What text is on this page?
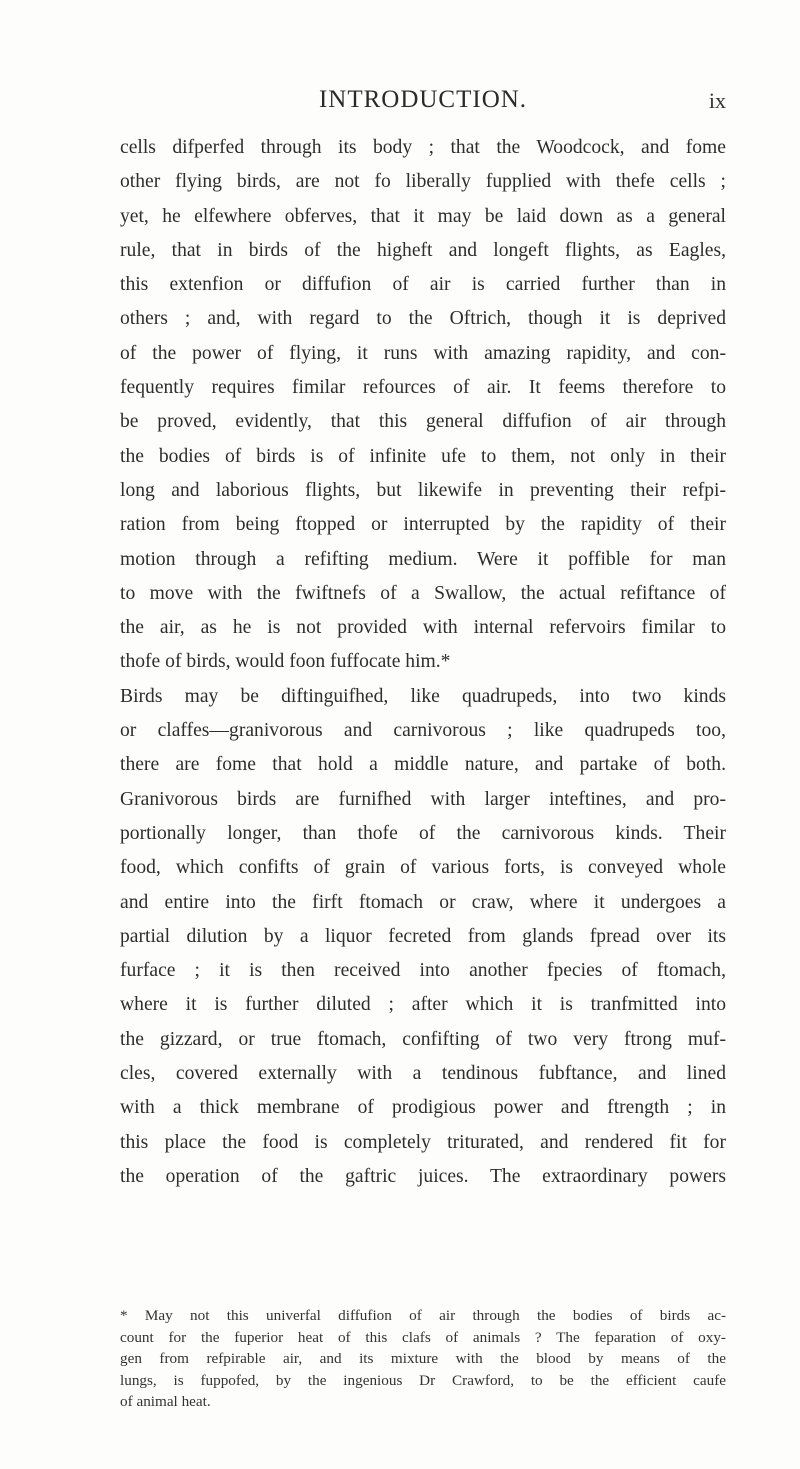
INTRODUCTION.	ix
cells difperfed through its body ; that the Woodcock, and fome
other flying birds, are not fo liberally fupplied with thefe cells ;
yet, he elfewhere obferves, that it may be laid down as a general
rule, that in birds of the higheft and longeft flights, as Eagles,
this extenfion or diffufion of air is carried further than in
others ; and, with regard to the Oftrich, though it is deprived
of the power of flying, it runs with amazing rapidity, and con-
fequently requires fimilar refources of air. It feems therefore to
be proved, evidently, that this general diffufion of air through
the bodies of birds is of infinite ufe to them, not only in their
long and laborious flights, but likewife in preventing their refpi-
ration from being ftopped or interrupted by the rapidity of their
motion through a refifting medium. Were it poffible for man
to move with the fwiftnefs of a Swallow, the actual refiftance of
the air, as he is not provided with internal refervoirs fimilar to
thofe of birds, would foon fuffocate him.*
Birds may be diftinguifhed, like quadrupeds, into two kinds
or claffes—granivorous and carnivorous ; like quadrupeds too,
there are fome that hold a middle nature, and partake of both.
Granivorous birds are furnifhed with larger inteftines, and pro-
portionally longer, than thofe of the carnivorous kinds. Their
food, which confifts of grain of various forts, is conveyed whole
and entire into the firft ftomach or craw, where it undergoes a
partial dilution by a liquor fecreted from glands fpread over its
furface ; it is then received into another fpecies of ftomach,
where it is further diluted ; after which it is tranfmitted into
the gizzard, or true ftomach, confifting of two very ftrong muf-
cles, covered externally with a tendinous fubftance, and lined
with a thick membrane of prodigious power and ftrength ; in
this place the food is completely triturated, and rendered fit for
the operation of the gaftric juices. The extraordinary powers
* May not this univerfal diffufion of air through the bodies of birds ac-
count for the fuperior heat of this clafs of animals ? The feparation of oxy-
gen from refpirable air, and its mixture with the blood by means of the
lungs, is fuppofed, by the ingenious Dr Crawford, to be the efficient caufe
of animal heat.
